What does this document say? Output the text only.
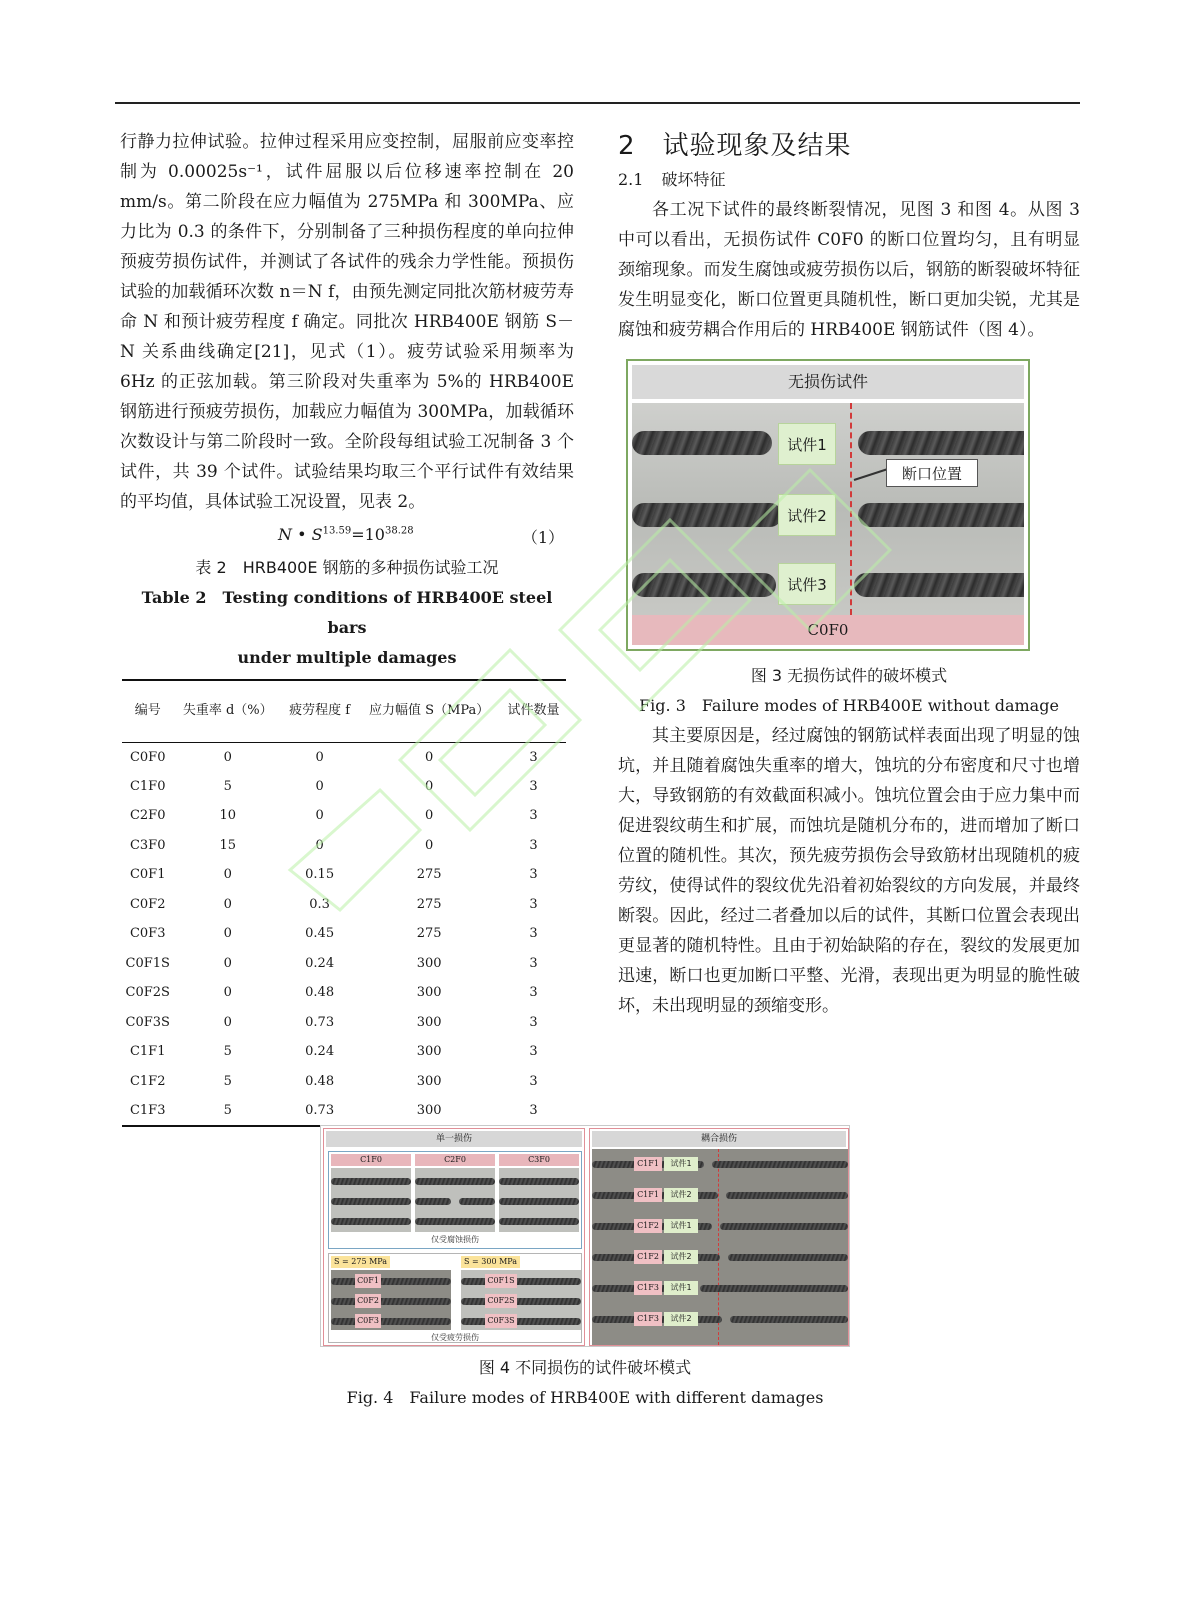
行静力拉伸试验。拉伸过程采用应变控制，屈服前应变率控制为 0.00025s⁻¹，试件屈服以后位移速率控制在 20 mm/s。第二阶段在应力幅值为 275MPa 和 300MPa、应力比为 0.3 的条件下，分别制备了三种损伤程度的单向拉伸预疲劳损伤试件，并测试了各试件的残余力学性能。预损伤试验的加载循环次数 n＝N f，由预先测定同批次筋材疲劳寿命 N 和预计疲劳程度 f 确定。同批次 HRB400E 钢筋 S－N 关系曲线确定[21]，见式（1）。疲劳试验采用频率为 6Hz 的正弦加载。第三阶段对失重率为 5%的 HRB400E 钢筋进行预疲劳损伤，加载应力幅值为 300MPa，加载循环次数设计与第二阶段时一致。全阶段每组试验工况制备 3 个试件，共 39 个试件。试验结果均取三个平行试件有效结果的平均值，具体试验工况设置，见表 2。

N • $S^{13.59}=10^{38.28}$	（1）
表 2　HRB400E 钢筋的多种损伤试验工况
Table 2　Testing conditions of HRB400E steel bars
under multiple damages
编号	失重率 d（%）	疲劳程度 f	应力幅值 S（MPa）	试件数量
C0F0	0	0	0	3
C1F0	5	0	0	3
C2F0	10	0	0	3
C3F0	15	0	0	3
C0F1	0	0.15	275	3
C0F2	0	0.3	275	3
C0F3	0	0.45	275	3
C0F1S	0	0.24	300	3
C0F2S	0	0.48	300	3
C0F3S	0	0.73	300	3
C1F1	5	0.24	300	3
C1F2	5	0.48	300	3
C1F3	5	0.73	300	3
2　试验现象及结果
2.1 破坏特征

各工况下试件的最终断裂情况，见图 3 和图 4。从图 3 中可以看出，无损伤试件 C0F0 的断口位置均匀，且有明显颈缩现象。而发生腐蚀或疲劳损伤以后，钢筋的断裂破坏特征发生明显变化，断口位置更具随机性，断口更加尖锐，尤其是腐蚀和疲劳耦合作用后的 HRB400E 钢筋试件（图 4）。

无损伤试件
试件1
试件2
试件3
断口位置
C0F0
图 3 无损伤试件的破坏模式
Fig. 3　Failure modes of HRB400E without damage

其主要原因是，经过腐蚀的钢筋试样表面出现了明显的蚀坑，并且随着腐蚀失重率的增大，蚀坑的分布密度和尺寸也增大，导致钢筋的有效截面积减小。蚀坑位置会由于应力集中而促进裂纹萌生和扩展，而蚀坑是随机分布的，进而增加了断口位置的随机性。其次，预先疲劳损伤会导致筋材出现随机的疲劳纹，使得试件的裂纹优先沿着初始裂纹的方向发展，并最终断裂。因此，经过二者叠加以后的试件，其断口位置会表现出更显著的随机特性。且由于初始缺陷的存在，裂纹的发展更加迅速，断口也更加断口平整、光滑，表现出更为明显的脆性破坏，未出现明显的颈缩变形。

单一损伤
C1F0	C2F0	C3F0
仅受腐蚀损伤
S = 275 MPa	S = 300 MPa
C0F1
C0F2
C0F3
C0F1S
C0F2S
C0F3S
仅受疲劳损伤
耦合损伤
C1F1	试件1
C1F1	试件2
C1F2	试件1
C1F2	试件2
C1F3	试件1
C1F3	试件2
图 4 不同损伤的试件破坏模式
Fig. 4　Failure modes of HRB400E with different damages
